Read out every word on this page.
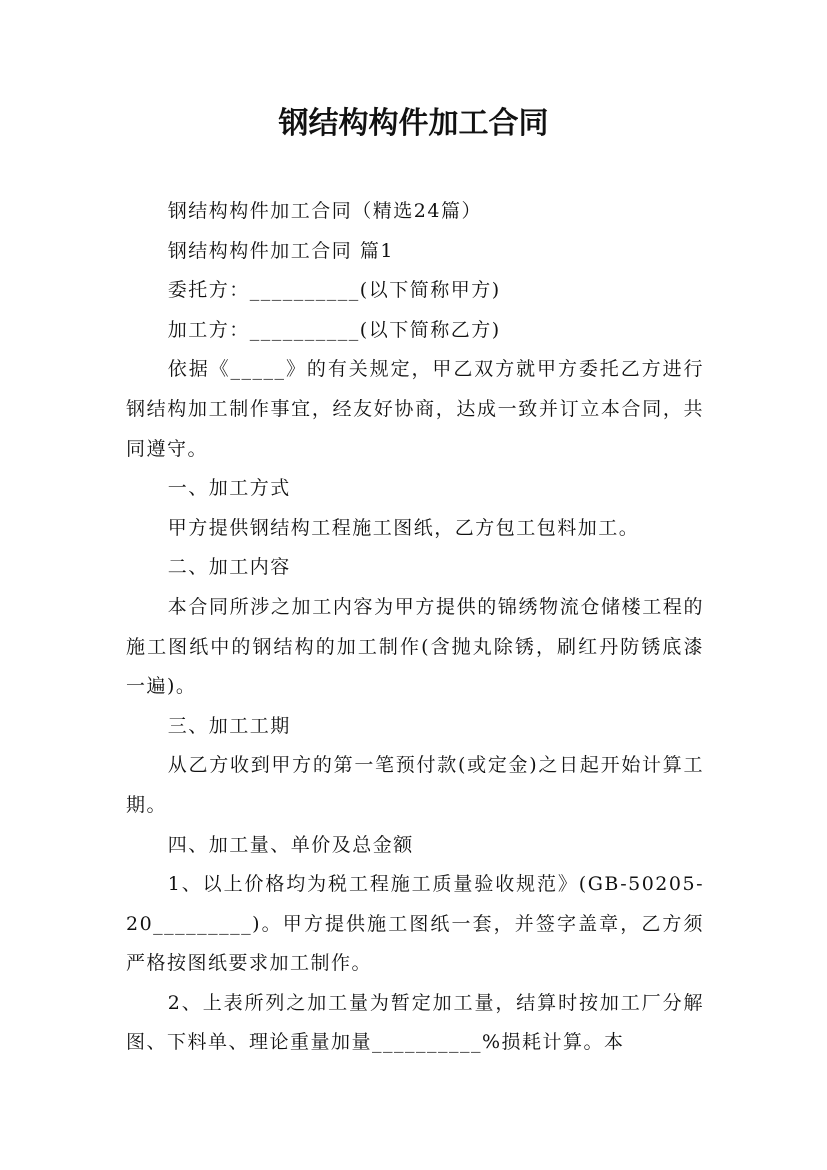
钢结构构件加工合同

钢结构构件加工合同（精选24篇）

钢结构构件加工合同 篇1

委托方：__________(以下简称甲方)

加工方：__________(以下简称乙方)

依据《_____》的有关规定，甲乙双方就甲方委托乙方进行钢结构加工制作事宜，经友好协商，达成一致并订立本合同，共同遵守。

一、加工方式

甲方提供钢结构工程施工图纸，乙方包工包料加工。

二、加工内容

本合同所涉之加工内容为甲方提供的锦绣物流仓储楼工程的施工图纸中的钢结构的加工制作(含抛丸除锈，刷红丹防锈底漆一遍)。

三、加工工期

从乙方收到甲方的第一笔预付款(或定金)之日起开始计算工期。

四、加工量、单价及总金额

1、以上价格均为税工程施工质量验收规范》(GB-50205-20_________)。甲方提供施工图纸一套，并签字盖章，乙方须严格按图纸要求加工制作。

2、上表所列之加工量为暂定加工量，结算时按加工厂分解图、下料单、理论重量加量__________%损耗计算。本
